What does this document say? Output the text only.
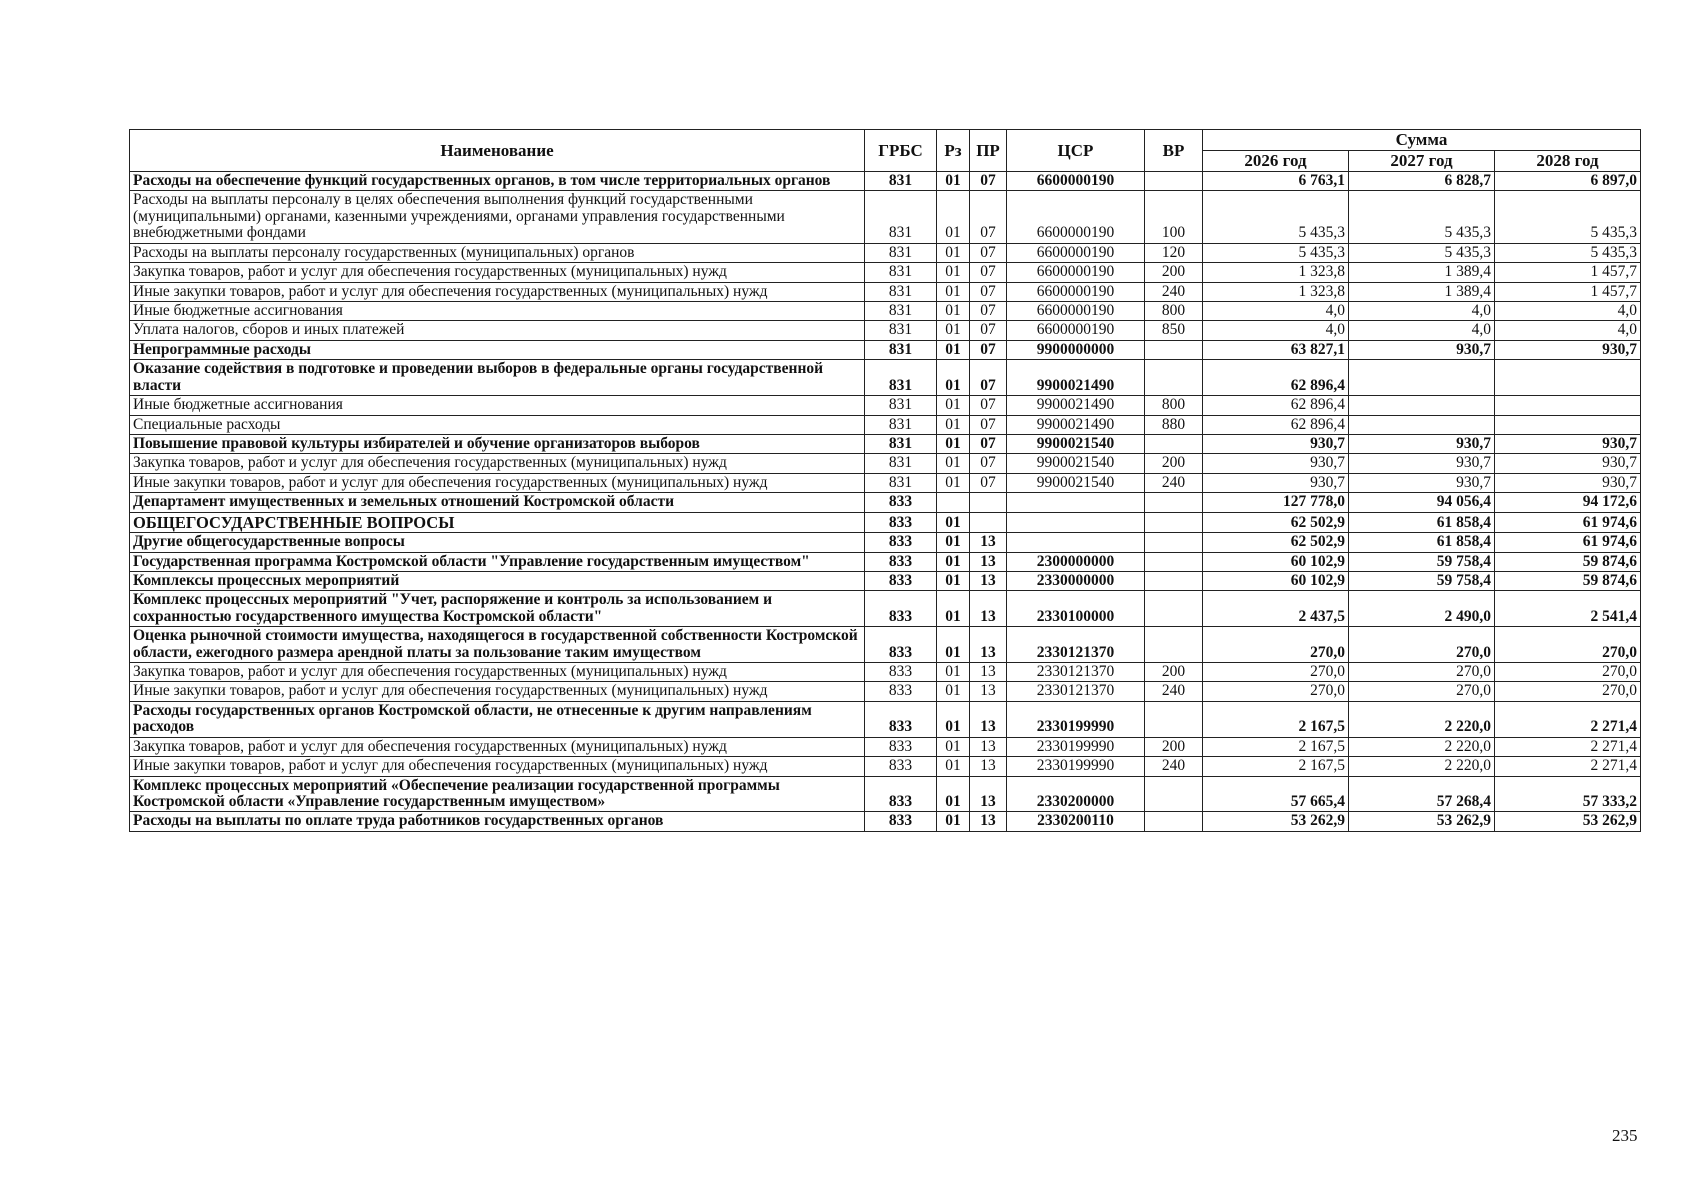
Наименование	ГРБС	Рз	ПР	ЦСР	ВР	Сумма		
						2026 год	2027 год	2028 год
Расходы на обеспечение функций государственных органов, в том числе территориальных органов	831	01	07	6600000190		6 763,1	6 828,7	6 897,0
Расходы на выплаты персоналу в целях обеспечения выполнения функций государственными (муниципальными) органами, казенными учреждениями, органами управления государственными внебюджетными фондами	831	01	07	6600000190	100	5 435,3	5 435,3	5 435,3
Расходы на выплаты персоналу государственных (муниципальных) органов	831	01	07	6600000190	120	5 435,3	5 435,3	5 435,3
Закупка товаров, работ и услуг для обеспечения государственных (муниципальных) нужд	831	01	07	6600000190	200	1 323,8	1 389,4	1 457,7
Иные закупки товаров, работ и услуг для обеспечения государственных (муниципальных) нужд	831	01	07	6600000190	240	1 323,8	1 389,4	1 457,7
Иные бюджетные ассигнования	831	01	07	6600000190	800	4,0	4,0	4,0
Уплата налогов, сборов и иных платежей	831	01	07	6600000190	850	4,0	4,0	4,0
Непрограммные расходы	831	01	07	9900000000		63 827,1	930,7	930,7
Оказание содействия в подготовке и проведении выборов в федеральные органы государственной власти	831	01	07	9900021490		62 896,4		
Иные бюджетные ассигнования	831	01	07	9900021490	800	62 896,4		
Специальные расходы	831	01	07	9900021490	880	62 896,4		
Повышение правовой культуры избирателей и обучение организаторов выборов	831	01	07	9900021540		930,7	930,7	930,7
Закупка товаров, работ и услуг для обеспечения государственных (муниципальных) нужд	831	01	07	9900021540	200	930,7	930,7	930,7
Иные закупки товаров, работ и услуг для обеспечения государственных (муниципальных) нужд	831	01	07	9900021540	240	930,7	930,7	930,7
Департамент имущественных и земельных отношений Костромской области	833					127 778,0	94 056,4	94 172,6
ОБЩЕГОСУДАРСТВЕННЫЕ ВОПРОСЫ	833	01				62 502,9	61 858,4	61 974,6
Другие общегосударственные вопросы	833	01	13			62 502,9	61 858,4	61 974,6
Государственная программа Костромской области "Управление государственным имуществом"	833	01	13	2300000000		60 102,9	59 758,4	59 874,6
Комплексы процессных мероприятий	833	01	13	2330000000		60 102,9	59 758,4	59 874,6
Комплекс процессных мероприятий "Учет, распоряжение и контроль за использованием и сохранностью государственного имущества Костромской области"	833	01	13	2330100000		2 437,5	2 490,0	2 541,4
Оценка рыночной стоимости имущества, находящегося в государственной собственности Костромской области, ежегодного размера арендной платы за пользование таким имуществом	833	01	13	2330121370		270,0	270,0	270,0
Закупка товаров, работ и услуг для обеспечения государственных (муниципальных) нужд	833	01	13	2330121370	200	270,0	270,0	270,0
Иные закупки товаров, работ и услуг для обеспечения государственных (муниципальных) нужд	833	01	13	2330121370	240	270,0	270,0	270,0
Расходы государственных органов Костромской области, не отнесенные к другим направлениям расходов	833	01	13	2330199990		2 167,5	2 220,0	2 271,4
Закупка товаров, работ и услуг для обеспечения государственных (муниципальных) нужд	833	01	13	2330199990	200	2 167,5	2 220,0	2 271,4
Иные закупки товаров, работ и услуг для обеспечения государственных (муниципальных) нужд	833	01	13	2330199990	240	2 167,5	2 220,0	2 271,4
Комплекс процессных мероприятий «Обеспечение реализации государственной программы Костромской области «Управление государственным имуществом»	833	01	13	2330200000		57 665,4	57 268,4	57 333,2
Расходы на выплаты по оплате труда работников государственных органов	833	01	13	2330200110		53 262,9	53 262,9	53 262,9
235
